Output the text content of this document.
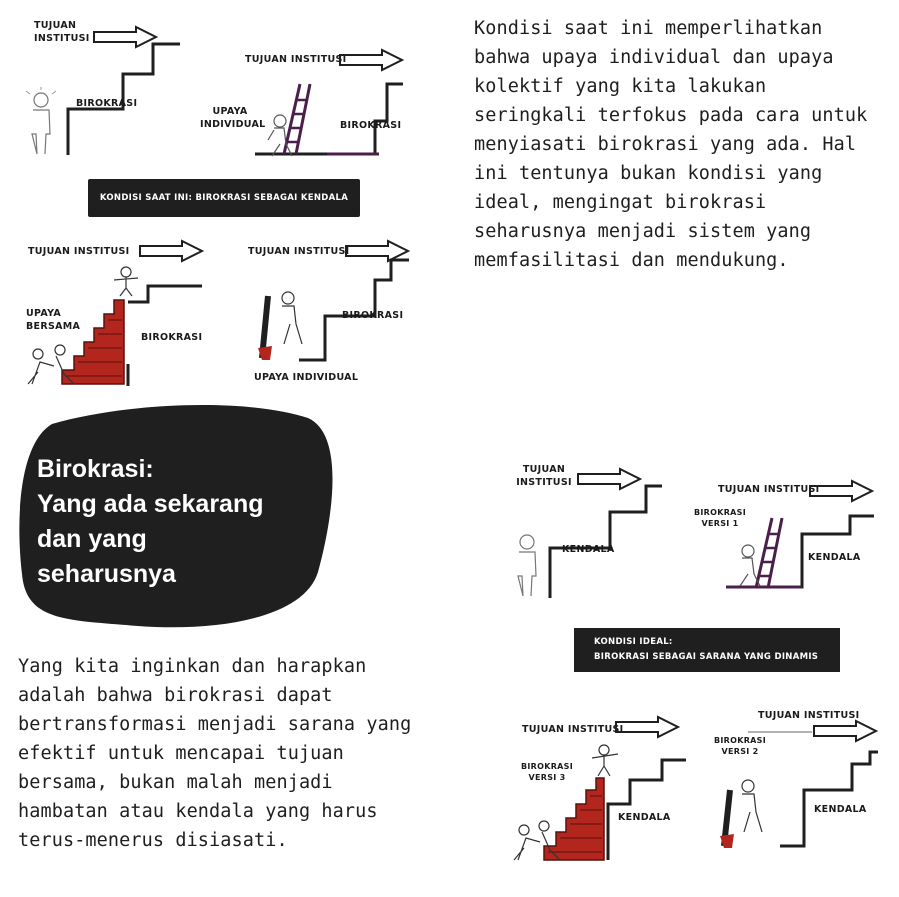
TUJUAN INSTITUSI
BIROKRASI
TUJUAN INSTITUSI
UPAYA INDIVIDUAL	BIROKRASI
KONDISI SAAT INI: BIROKRASI SEBAGAI KENDALA
TUJUAN INSTITUSI
UPAYA BERSAMA
BIROKRASI
TUJUAN INSTITUSI
BIROKRASI
UPAYA INDIVIDUAL
Kondisi saat ini memperlihatkan bahwa upaya individual dan upaya kolektif yang kita lakukan seringkali terfokus pada cara untuk menyiasati birokrasi yang ada. Hal ini tentunya bukan kondisi yang ideal, mengingat birokrasi seharusnya menjadi sistem yang memfasilitasi dan mendukung.
Birokrasi:
Yang ada sekarang
dan yang
seharusnya
Yang kita inginkan dan harapkan adalah bahwa birokrasi dapat bertransformasi menjadi sarana yang efektif untuk mencapai tujuan bersama, bukan malah menjadi hambatan atau kendala yang harus terus-menerus disiasati.
TUJUAN INSTITUSI
KENDALA
TUJUAN INSTITUSI
BIROKRASI VERSI 1
KENDALA
KONDISI IDEAL:
BIROKRASI SEBAGAI SARANA YANG DINAMIS
TUJUAN INSTITUSI
BIROKRASI VERSI 3
KENDALA
TUJUAN INSTITUSI
BIROKRASI VERSI 2
KENDALA
